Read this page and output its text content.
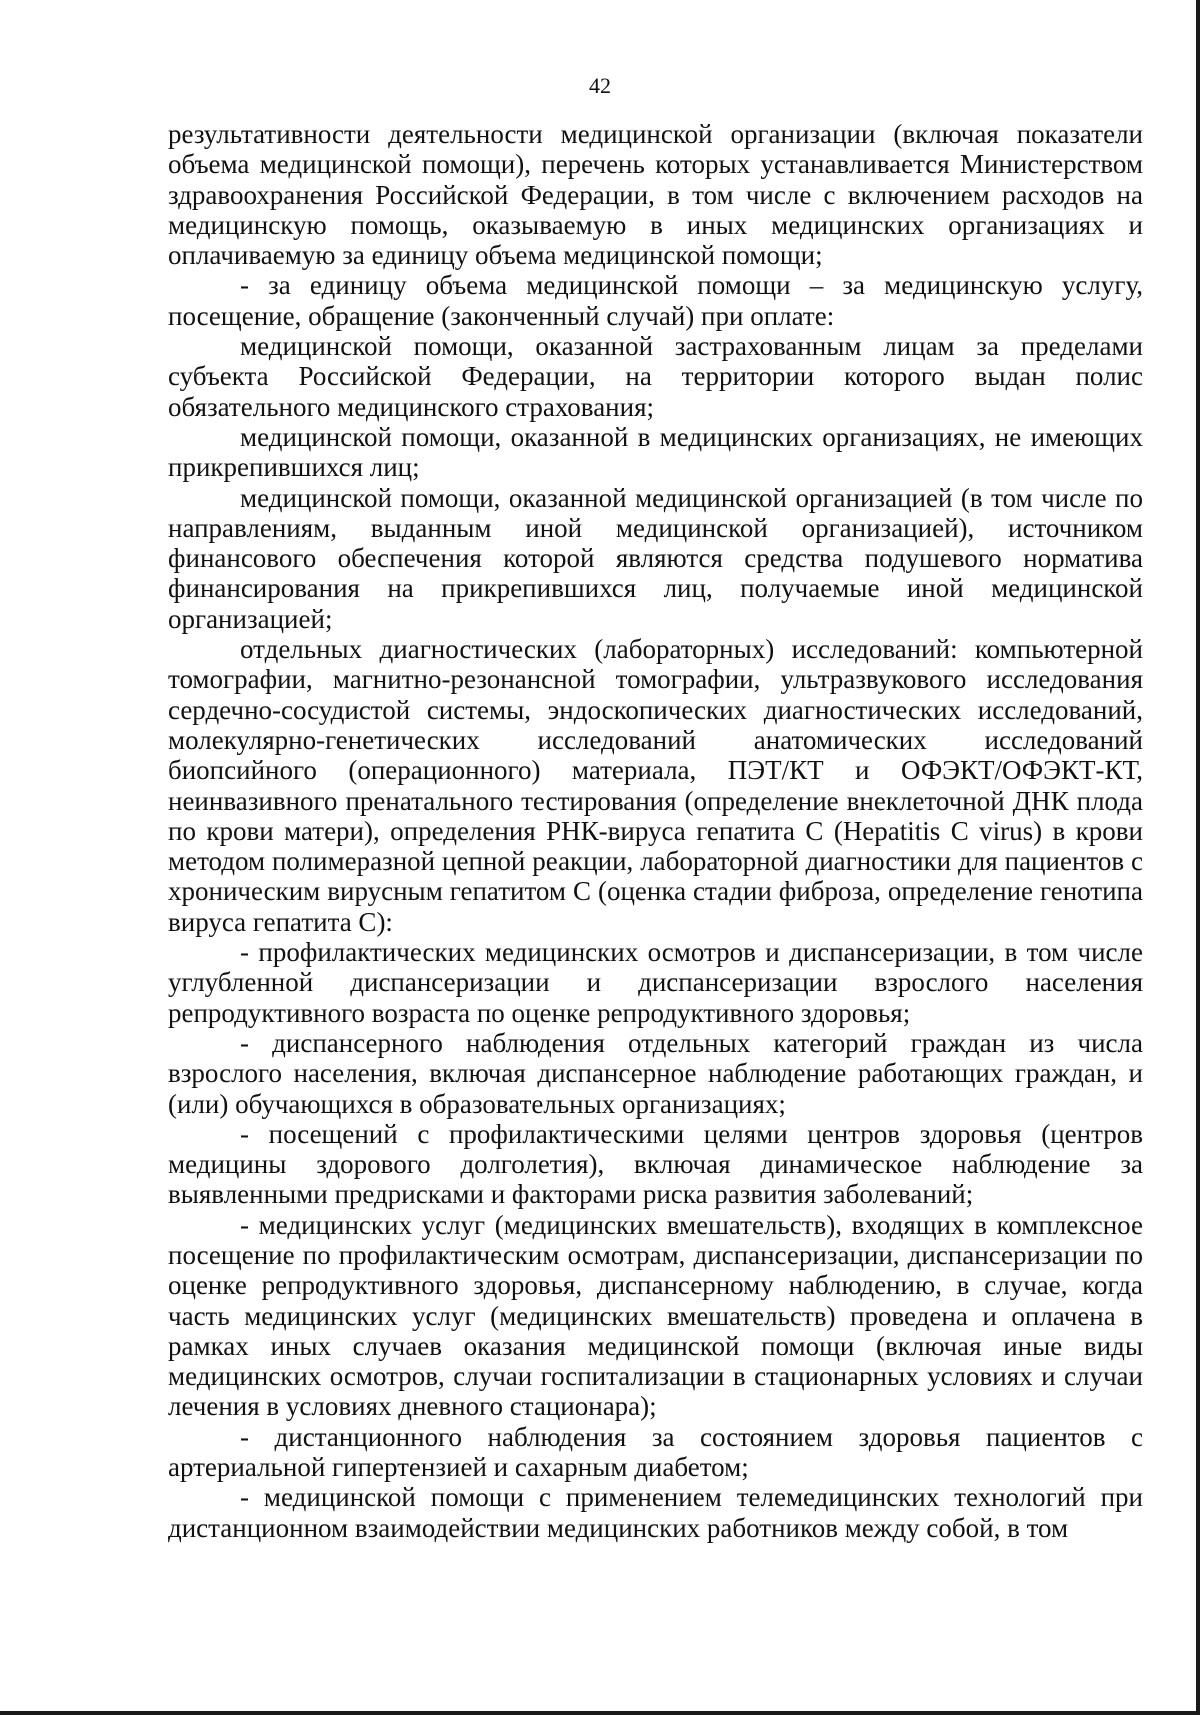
42

результативности деятельности медицинской организации (включая показатели объема медицинской помощи), перечень которых устанавливается Министерством здравоохранения Российской Федерации, в том числе с включением расходов на медицинскую помощь, оказываемую в иных медицинских организациях и оплачиваемую за единицу объема медицинской помощи;

- за единицу объема медицинской помощи – за медицинскую услугу, посещение, обращение (законченный случай) при оплате:

медицинской помощи, оказанной застрахованным лицам за пределами субъекта Российской Федерации, на территории которого выдан полис обязательного медицинского страхования;

медицинской помощи, оказанной в медицинских организациях, не имеющих прикрепившихся лиц;

медицинской помощи, оказанной медицинской организацией (в том числе по направлениям, выданным иной медицинской организацией), источником финансового обеспечения которой являются средства подушевого норматива финансирования на прикрепившихся лиц, получаемые иной медицинской организацией;

отдельных диагностических (лабораторных) исследований: компьютерной томографии, магнитно-резонансной томографии, ультразвукового исследования сердечно-сосудистой системы, эндоскопических диагностических исследований, молекулярно-генетических исследований анатомических исследований биопсийного (операционного) материала, ПЭТ/КТ и ОФЭКТ/ОФЭКТ-КТ, неинвазивного пренатального тестирования (определение внеклеточной ДНК плода по крови матери), определения РНК-вируса гепатита С (Hepatitis C virus) в крови методом полимеразной цепной реакции, лабораторной диагностики для пациентов с хроническим вирусным гепатитом С (оценка стадии фиброза, определение генотипа вируса гепатита С):

- профилактических медицинских осмотров и диспансеризации, в том числе углубленной диспансеризации и диспансеризации взрослого населения репродуктивного возраста по оценке репродуктивного здоровья;

- диспансерного наблюдения отдельных категорий граждан из числа взрослого населения, включая диспансерное наблюдение работающих граждан, и (или) обучающихся в образовательных организациях;

- посещений с профилактическими целями центров здоровья (центров медицины здорового долголетия), включая динамическое наблюдение за выявленными предрисками и факторами риска развития заболеваний;

- медицинских услуг (медицинских вмешательств), входящих в комплексное посещение по профилактическим осмотрам, диспансеризации, диспансеризации по оценке репродуктивного здоровья, диспансерному наблюдению, в случае, когда часть медицинских услуг (медицинских вмешательств) проведена и оплачена в рамках иных случаев оказания медицинской помощи (включая иные виды медицинских осмотров, случаи госпитализации в стационарных условиях и случаи лечения в условиях дневного стационара);

- дистанционного наблюдения за состоянием здоровья пациентов с артериальной гипертензией и сахарным диабетом;

- медицинской помощи с применением телемедицинских технологий при дистанционном взаимодействии медицинских работников между собой, в том
